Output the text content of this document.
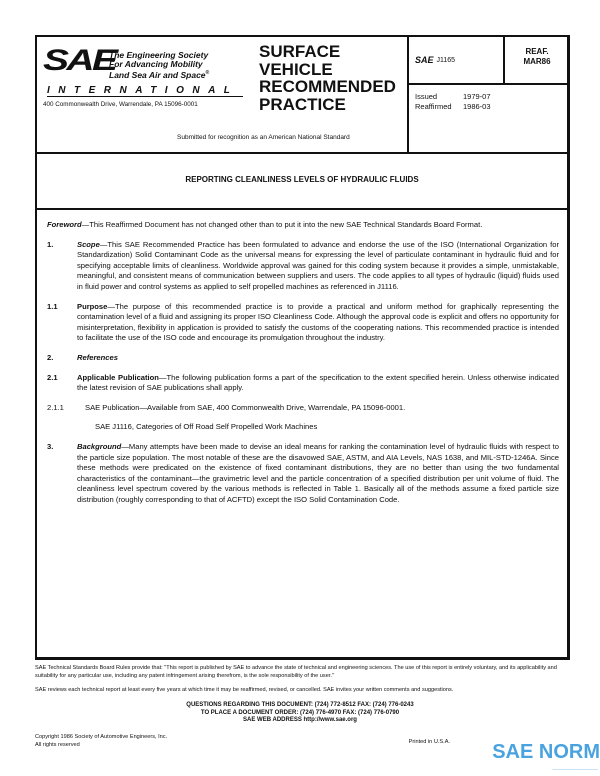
SAE
The Engineering Society
For Advancing Mobility
Land Sea Air and Space®
INTERNATIONAL
400 Commonwealth Drive, Warrendale, PA 15096-0001
SURFACE
VEHICLE
RECOMMENDED
PRACTICE
Submitted for recognition as an American National Standard
SAE J1165
REAF.
MAR86
Issued	1979-07
Reaffirmed 1986-03
REPORTING CLEANLINESS LEVELS OF HYDRAULIC FLUIDS

Foreword—This Reaffirmed Document has not changed other than to put it into the new SAE Technical Standards Board Format.

1.	Scope—This SAE Recommended Practice has been formulated to advance and endorse the use of the ISO (International Organization for Standardization) Solid Contaminant Code as the universal means for expressing the level of particulate contaminant in hydraulic fluid and for specifying acceptable limits of cleanliness. Worldwide approval was gained for this coding system because it provides a simple, unmistakable, meaningful, and consistent means of communication between suppliers and users. The code applies to all types of hydraulic (liquid) fluids used in fluid power and control systems as applied to self propelled machines as referenced in J1116.
1.1	Purpose—The purpose of this recommended practice is to provide a practical and uniform method for graphically representing the contamination level of a fluid and assigning its proper ISO Cleanliness Code. Although the approval code is explicit and offers no opportunity for misinterpretation, flexibility in application is provided to satisfy the customs of the cooperating nations. This recommended practice is intended to facilitate the use of the ISO code and encourage its promulgation throughout the industry.
2.	References
2.1	Applicable Publication—The following publication forms a part of the specification to the extent specified herein. Unless otherwise indicated the latest revision of SAE publications shall apply.
2.1.1	SAE Publication—Available from SAE, 400 Commonwealth Drive, Warrendale, PA 15096-0001.

SAE J1116, Categories of Off Road Self Propelled Work Machines

3.	Background—Many attempts have been made to devise an ideal means for ranking the contamination level of hydraulic fluids with respect to the particle size population. The most notable of these are the disavowed SAE, ASTM, and AIA Levels, NAS 1638, and MIL-STD-1246A. Since these methods were predicated on the existence of fixed contaminant distributions, they are no better than using the two fundamental characteristics of the contaminant—the gravimetric level and the particle concentration of a specified distribution per unit volume of fluid. The cleanliness level spectrum covered by the various methods is reflected in Table 1. Basically all of the methods assume a fixed particle size distribution (roughly corresponding to that of ACFTD) except the ISO Solid Contamination Code.
SAE Technical Standards Board Rules provide that: "This report is published by SAE to advance the state of technical and engineering sciences. The use of this report is entirely voluntary, and its applicability and suitability for any particular use, including any patent infringement arising therefrom, is the sole responsibility of the user."
SAE reviews each technical report at least every five years at which time it may be reaffirmed, revised, or cancelled. SAE invites your written comments and suggestions.
QUESTIONS REGARDING THIS DOCUMENT: (724) 772-8512 FAX: (724) 776-0243
TO PLACE A DOCUMENT ORDER: (724) 776-4970 FAX: (724) 776-0790
SAE WEB ADDRESS http://www.sae.org
Copyright 1986 Society of Automotive Engineers, Inc.
All rights reserved	Printed in U.S.A. SAE NORM
────────────────
